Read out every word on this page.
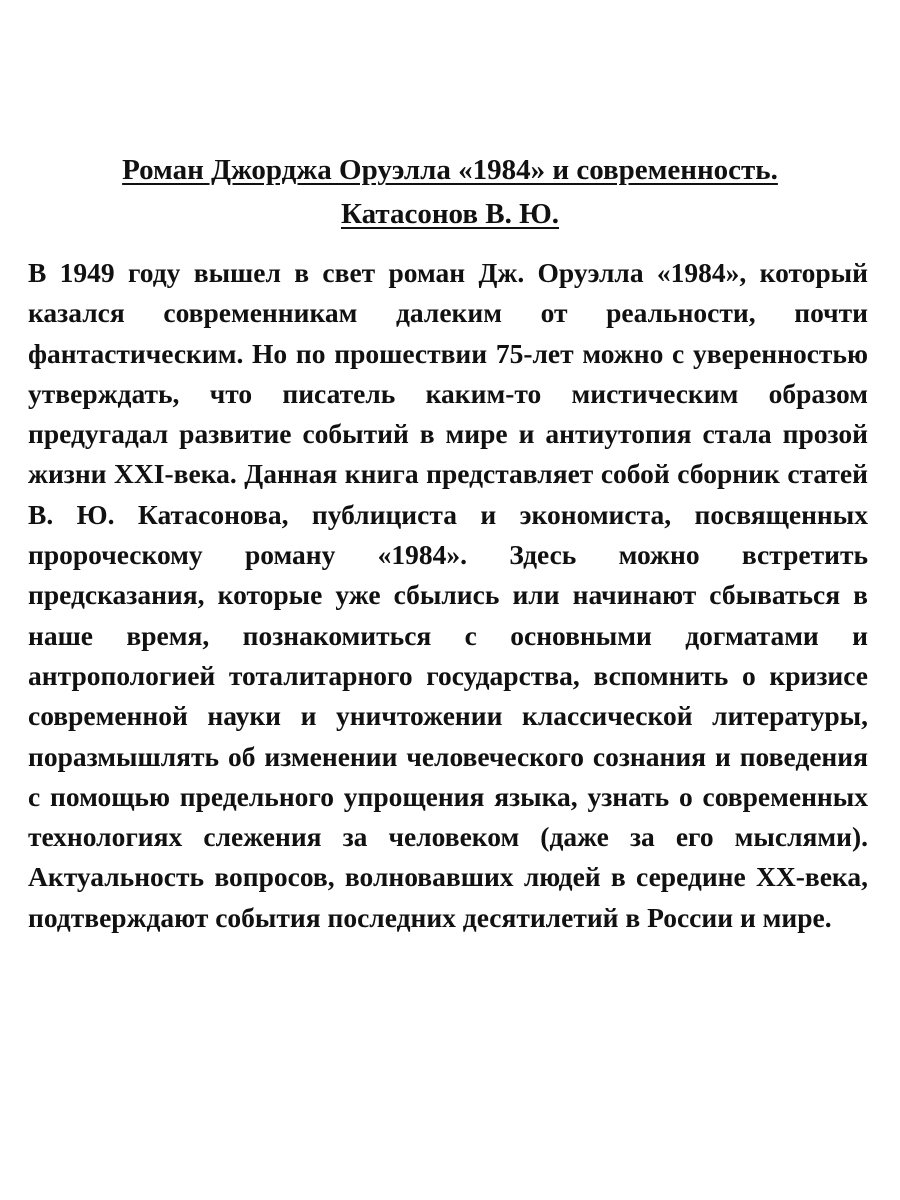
Роман Джорджа Оруэлла «1984» и современность.
Катасонов В. Ю.

В 1949 году вышел в свет роман Дж. Оруэлла «1984», который казался современникам далеким от реальности, почти фантастическим. Но по прошествии 75-лет можно с уверенностью утверждать, что писатель каким-то мистическим образом предугадал развитие событий в мире и антиутопия стала прозой жизни XXI-века. Данная книга представляет собой сборник статей В. Ю. Катасонова, публициста и экономиста, посвященных пророческому роману «1984». Здесь можно встретить предсказания, которые уже сбылись или начинают сбываться в наше время, познакомиться с основными догматами и антропологией тоталитарного государства, вспомнить о кризисе современной науки и уничтожении классической литературы, поразмышлять об изменении человеческого сознания и поведения с помощью предельного упрощения языка, узнать о современных технологиях слежения за человеком (даже за его мыслями). Актуальность вопросов, волновавших людей в середине XX-века, подтверждают события последних десятилетий в России и мире.
